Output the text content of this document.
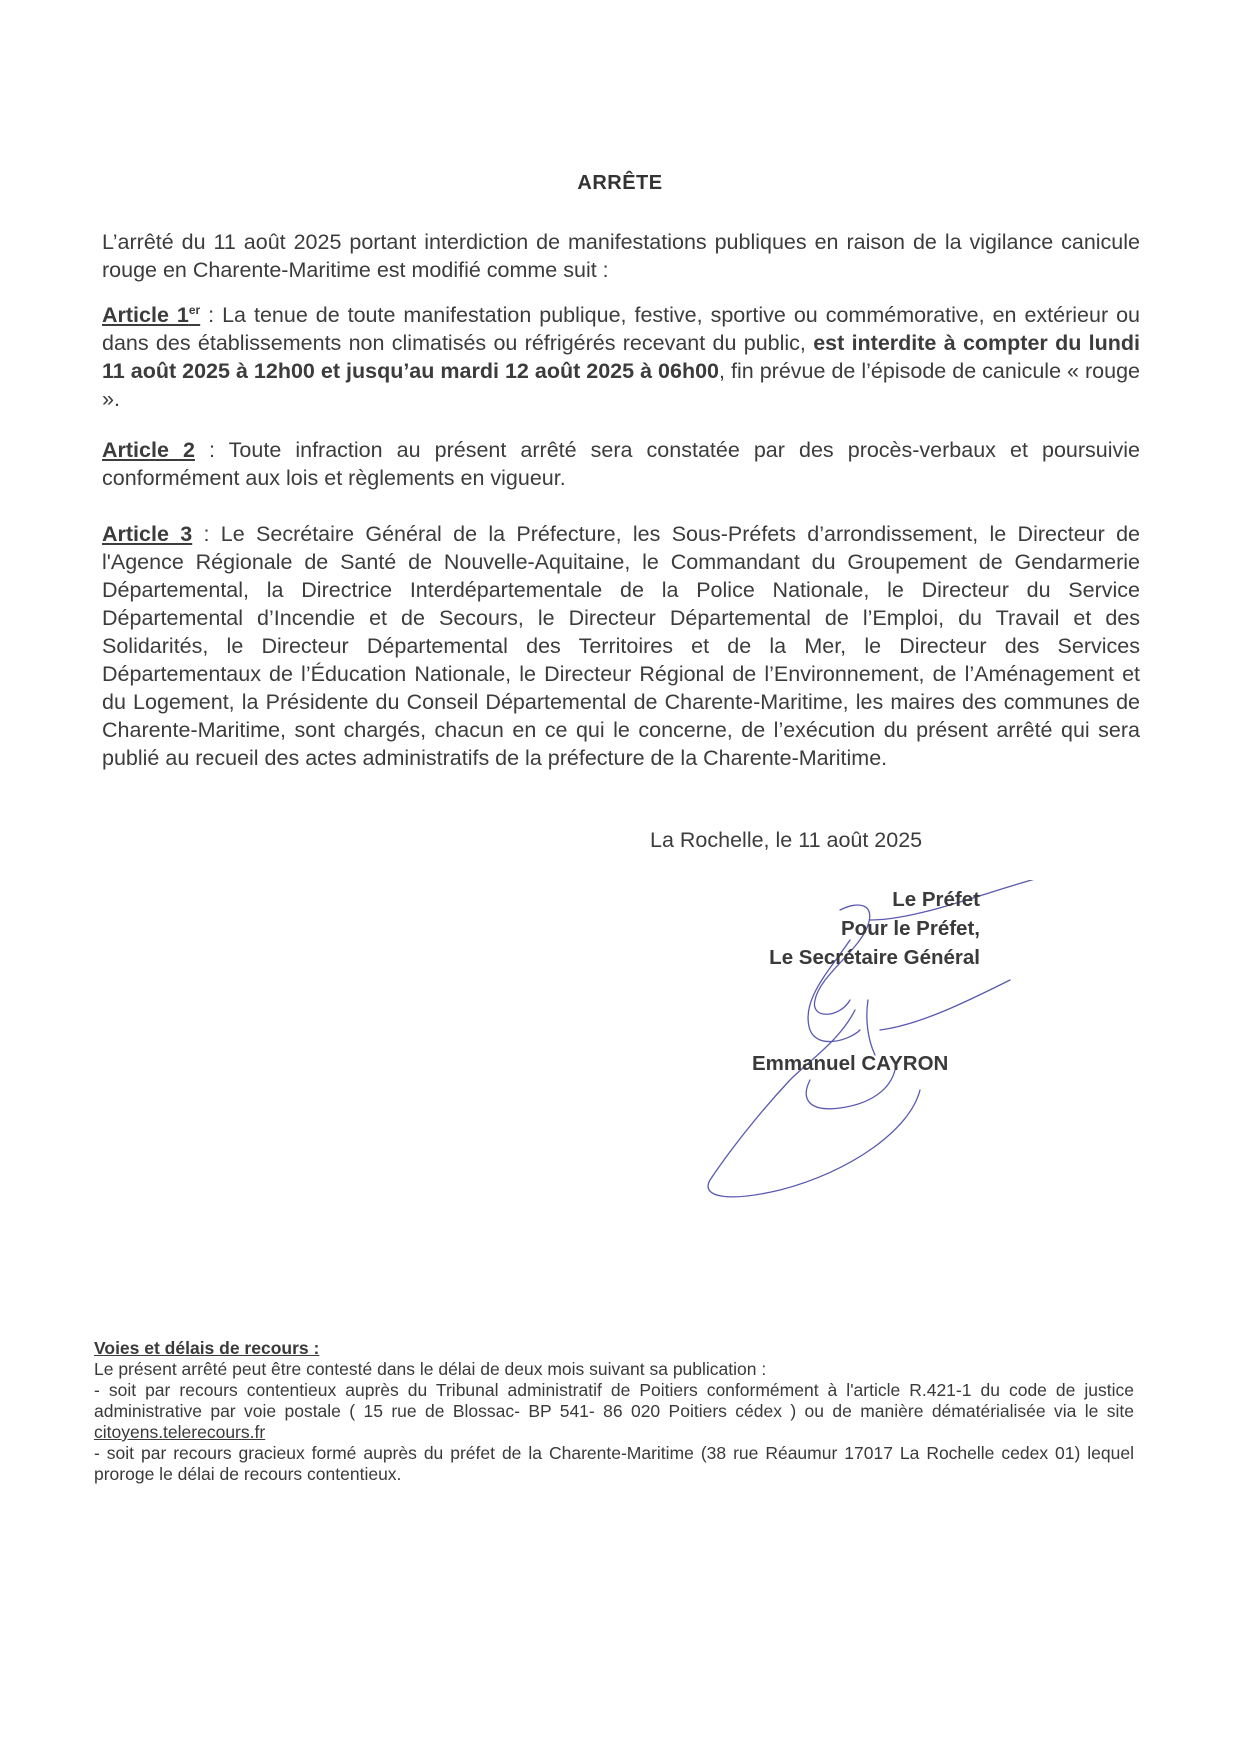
ARRÊTE
L’arrêté du 11 août 2025 portant interdiction de manifestations publiques en raison de la vigilance canicule rouge en Charente-Maritime est modifié comme suit :
Article 1er : La tenue de toute manifestation publique, festive, sportive ou commémorative, en extérieur ou dans des établissements non climatisés ou réfrigérés recevant du public, est interdite à compter du lundi 11 août 2025 à 12h00 et jusqu’au mardi 12 août 2025 à 06h00, fin prévue de l’épisode de canicule « rouge ».
Article 2 : Toute infraction au présent arrêté sera constatée par des procès-verbaux et poursuivie conformément aux lois et règlements en vigueur.
Article 3 : Le Secrétaire Général de la Préfecture, les Sous-Préfets d’arrondissement, le Directeur de l'Agence Régionale de Santé de Nouvelle-Aquitaine, le Commandant du Groupement de Gendarmerie Départemental, la Directrice Interdépartementale de la Police Nationale, le Directeur du Service Départemental d’Incendie et de Secours, le Directeur Départemental de l’Emploi, du Travail et des Solidarités, le Directeur Départemental des Territoires et de la Mer, le Directeur des Services Départementaux de l’Éducation Nationale, le Directeur Régional de l’Environnement, de l’Aménagement et du Logement, la Présidente du Conseil Départemental de Charente-Maritime, les maires des communes de Charente-Maritime, sont chargés, chacun en ce qui le concerne, de l’exécution du présent arrêté qui sera publié au recueil des actes administratifs de la préfecture de la Charente-Maritime.
La Rochelle, le 11 août 2025
Le Préfet
Pour le Préfet,
Le Secrétaire Général
Emmanuel CAYRON
Voies et délais de recours :

Le présent arrêté peut être contesté dans le délai de deux mois suivant sa publication :

- soit par recours contentieux auprès du Tribunal administratif de Poitiers conformément à l'article R.421-1 du code de justice administrative par voie postale ( 15 rue de Blossac- BP 541- 86 020 Poitiers cédex ) ou de manière dématérialisée via le site citoyens.telerecours.fr

- soit par recours gracieux formé auprès du préfet de la Charente-Maritime (38 rue Réaumur 17017 La Rochelle cedex 01) lequel proroge le délai de recours contentieux.
